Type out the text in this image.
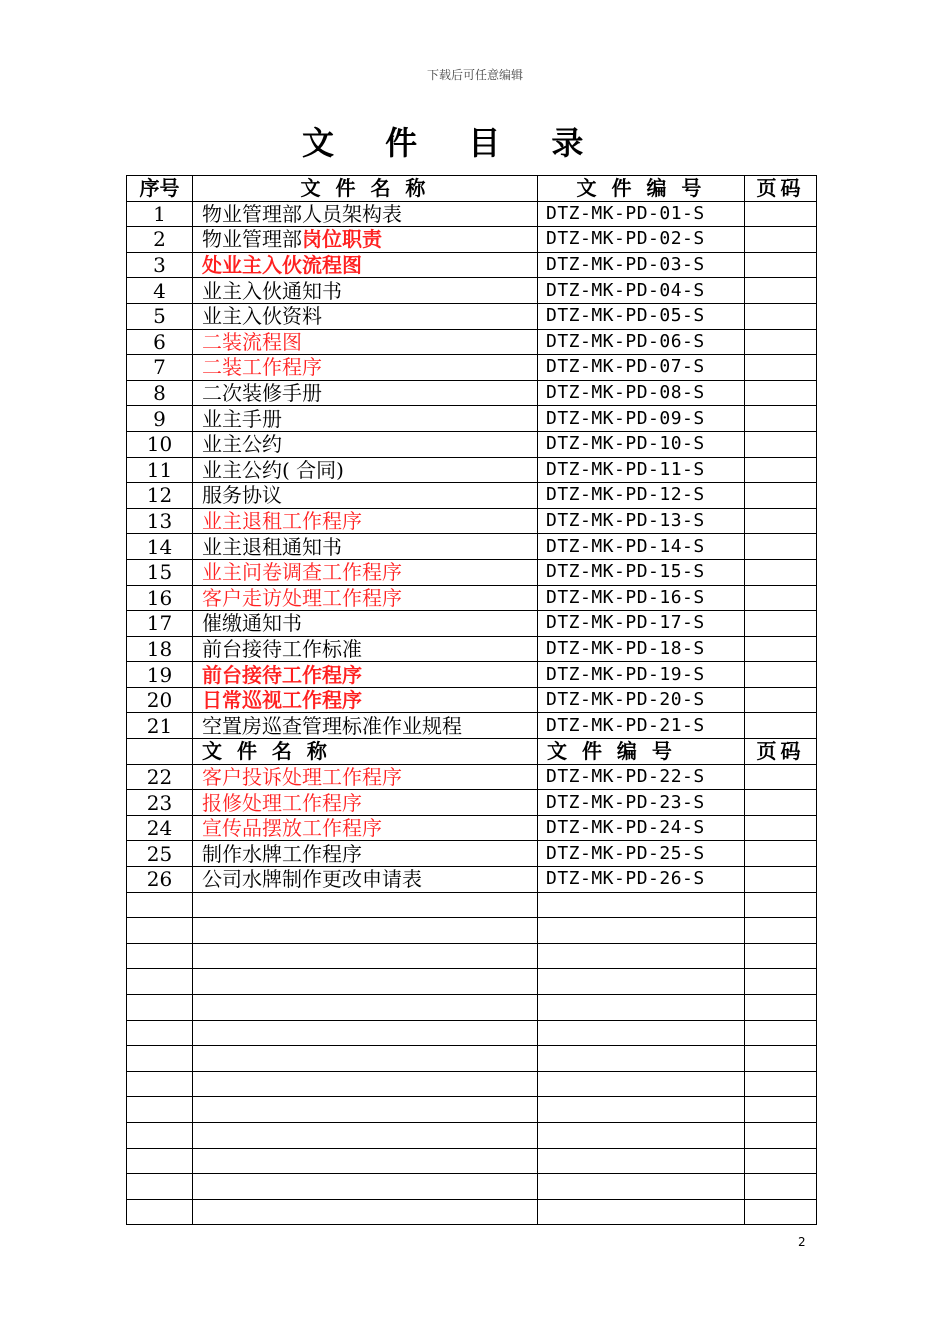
下载后可任意编辑
文 件 目 录
序号	文 件 名 称	文 件 编 号	页码
1	物业管理部人员架构表	DTZ-MK-PD-01-S	
2	物业管理部岗位职责	DTZ-MK-PD-02-S	
3	处业主入伙流程图	DTZ-MK-PD-03-S	
4	业主入伙通知书	DTZ-MK-PD-04-S	
5	业主入伙资料	DTZ-MK-PD-05-S	
6	二装流程图	DTZ-MK-PD-06-S	
7	二装工作程序	DTZ-MK-PD-07-S	
8	二次装修手册	DTZ-MK-PD-08-S	
9	业主手册	DTZ-MK-PD-09-S	
10	业主公约	DTZ-MK-PD-10-S	
11	业主公约( 合同)	DTZ-MK-PD-11-S	
12	服务协议	DTZ-MK-PD-12-S	
13	业主退租工作程序	DTZ-MK-PD-13-S	
14	业主退租通知书	DTZ-MK-PD-14-S	
15	业主问卷调查工作程序	DTZ-MK-PD-15-S	
16	客户走访处理工作程序	DTZ-MK-PD-16-S	
17	催缴通知书	DTZ-MK-PD-17-S	
18	前台接待工作标准	DTZ-MK-PD-18-S	
19	前台接待工作程序	DTZ-MK-PD-19-S	
20	日常巡视工作程序	DTZ-MK-PD-20-S	
21	空置房巡查管理标准作业规程	DTZ-MK-PD-21-S	
	文 件 名 称	文 件 编 号	页码
22	客户投诉处理工作程序	DTZ-MK-PD-22-S	
23	报修处理工作程序	DTZ-MK-PD-23-S	
24	宣传品摆放工作程序	DTZ-MK-PD-24-S	
25	制作水牌工作程序	DTZ-MK-PD-25-S	
26	公司水牌制作更改申请表	DTZ-MK-PD-26-S	

2
